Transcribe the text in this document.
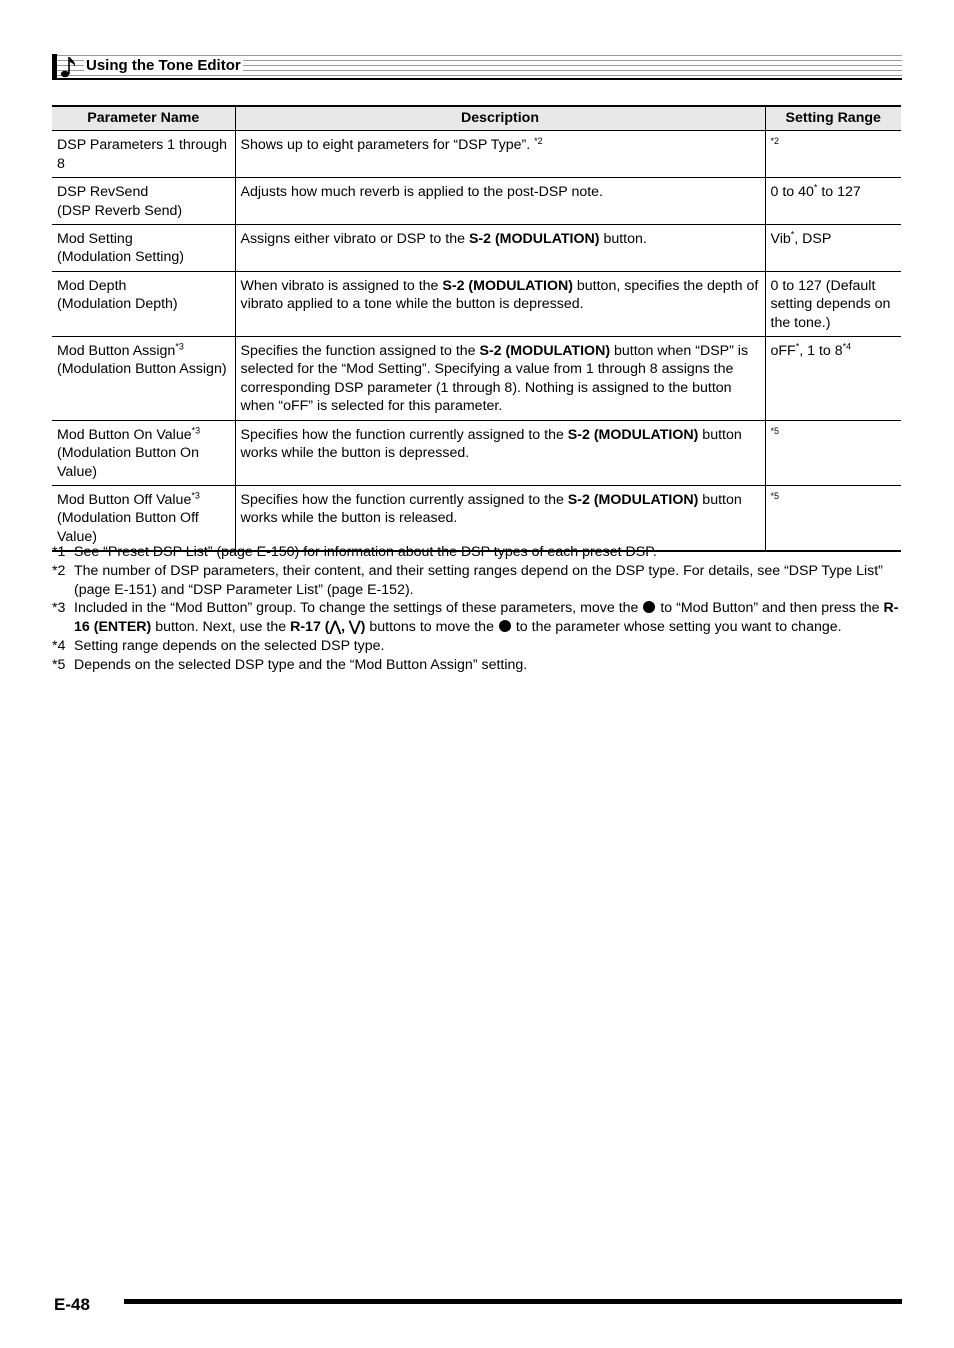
Using the Tone Editor
Parameter Name	Description	Setting Range
DSP Parameters 1 through 8	Shows up to eight parameters for “DSP Type”. *2	*2
DSP RevSend
(DSP Reverb Send)	Adjusts how much reverb is applied to the post-DSP note.	0 to 40* to 127
Mod Setting
(Modulation Setting)	Assigns either vibrato or DSP to the S-2 (MODULATION) button.	Vib*, DSP
Mod Depth
(Modulation Depth)	When vibrato is assigned to the S-2 (MODULATION) button, specifies the depth of vibrato applied to a tone while the button is depressed.	0 to 127 (Default setting depends on the tone.)
Mod Button Assign$^{*3}$
(Modulation Button Assign)	Specifies the function assigned to the S-2 (MODULATION) button when “DSP” is selected for the “Mod Setting”. Specifying a value from 1 through 8 assigns the corresponding DSP parameter (1 through 8). Nothing is assigned to the button when “oFF” is selected for this parameter.	oFF*, 1 to 8$^{*4}$
Mod Button On Value$^{*3}$
(Modulation Button On Value)	Specifies how the function currently assigned to the S-2 (MODULATION) button works while the button is depressed.	*5
Mod Button Off Value$^{*3}$
(Modulation Button Off Value)	Specifies how the function currently assigned to the S-2 (MODULATION) button works while the button is released.	*5
*1 See “Preset DSP List” (page E-150) for information about the DSP types of each preset DSP.
*2 The number of DSP parameters, their content, and their setting ranges depend on the DSP type. For details, see “DSP Type List” (page E-151) and “DSP Parameter List” (page E-152).
*3 Included in the “Mod Button” group. To change the settings of these parameters, move the  to “Mod Button” and then press the R-16 (ENTER) button. Next, use the R-17 (⋀, ⋁) buttons to move the  to the parameter whose setting you want to change.
*4 Setting range depends on the selected DSP type.
*5 Depends on the selected DSP type and the “Mod Button Assign” setting.
E-48
